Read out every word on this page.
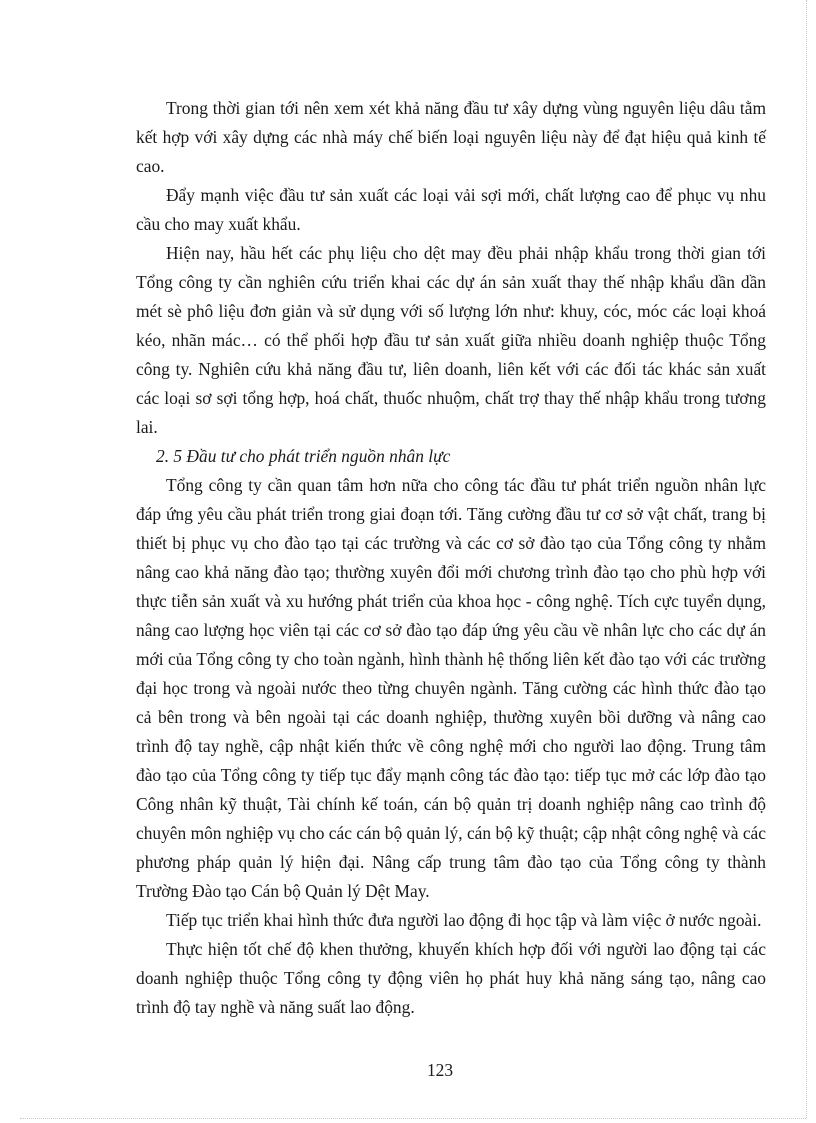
Trong thời gian tới nên xem xét khả năng đầu tư xây dựng vùng nguyên liệu dâu tằm kết hợp với xây dựng các nhà máy chế biến loại nguyên liệu này để đạt hiệu quả kinh tế cao.

Đẩy mạnh việc đầu tư sản xuất các loại vải sợi mới, chất lượng cao để phục vụ nhu cầu cho may xuất khẩu.

Hiện nay, hầu hết các phụ liệu cho dệt may đều phải nhập khẩu trong thời gian tới Tổng công ty cần nghiên cứu triển khai các dự án sản xuất thay thế nhập khẩu dần dần mét sè phô liệu đơn giản và sử dụng với số lượng lớn như: khuy, cóc, móc các loại khoá kéo, nhãn mác… có thể phối hợp đầu tư sản xuất giữa nhiều doanh nghiệp thuộc Tổng công ty. Nghiên cứu khả năng đầu tư, liên doanh, liên kết với các đối tác khác sản xuất các loại sơ sợi tổng hợp, hoá chất, thuốc nhuộm, chất trợ thay thế nhập khẩu trong tương lai.

2. 5 Đầu tư cho phát triển nguồn nhân lực

Tổng công ty cần quan tâm hơn nữa cho công tác đầu tư phát triển nguồn nhân lực đáp ứng yêu cầu phát triển trong giai đoạn tới. Tăng cường đầu tư cơ sở vật chất, trang bị thiết bị phục vụ cho đào tạo tại các trường và các cơ sở đào tạo của Tổng công ty nhằm nâng cao khả năng đào tạo; thường xuyên đổi mới chương trình đào tạo cho phù hợp với thực tiễn sản xuất và xu hướng phát triển của khoa học - công nghệ. Tích cực tuyển dụng, nâng cao lượng học viên tại các cơ sở đào tạo đáp ứng yêu cầu về nhân lực cho các dự án mới của Tổng công ty cho toàn ngành, hình thành hệ thống liên kết đào tạo với các trường đại học trong và ngoài nước theo từng chuyên ngành. Tăng cường các hình thức đào tạo cả bên trong và bên ngoài tại các doanh nghiệp, thường xuyên bồi dưỡng và nâng cao trình độ tay nghề, cập nhật kiến thức về công nghệ mới cho người lao động. Trung tâm đào tạo của Tổng công ty tiếp tục đẩy mạnh công tác đào tạo: tiếp tục mở các lớp đào tạo Công nhân kỹ thuật, Tài chính kế toán, cán bộ quản trị doanh nghiệp nâng cao trình độ chuyên môn nghiệp vụ cho các cán bộ quản lý, cán bộ kỹ thuật; cập nhật công nghệ và các phương pháp quản lý hiện đại. Nâng cấp trung tâm đào tạo của Tổng công ty thành Trường Đào tạo Cán bộ Quản lý Dệt May.

Tiếp tục triển khai hình thức đưa người lao động đi học tập và làm việc ở nước ngoài.

Thực hiện tốt chế độ khen thưởng, khuyến khích hợp đối với người lao động tại các doanh nghiệp thuộc Tổng công ty động viên họ phát huy khả năng sáng tạo, nâng cao trình độ tay nghề và năng suất lao động.

123
